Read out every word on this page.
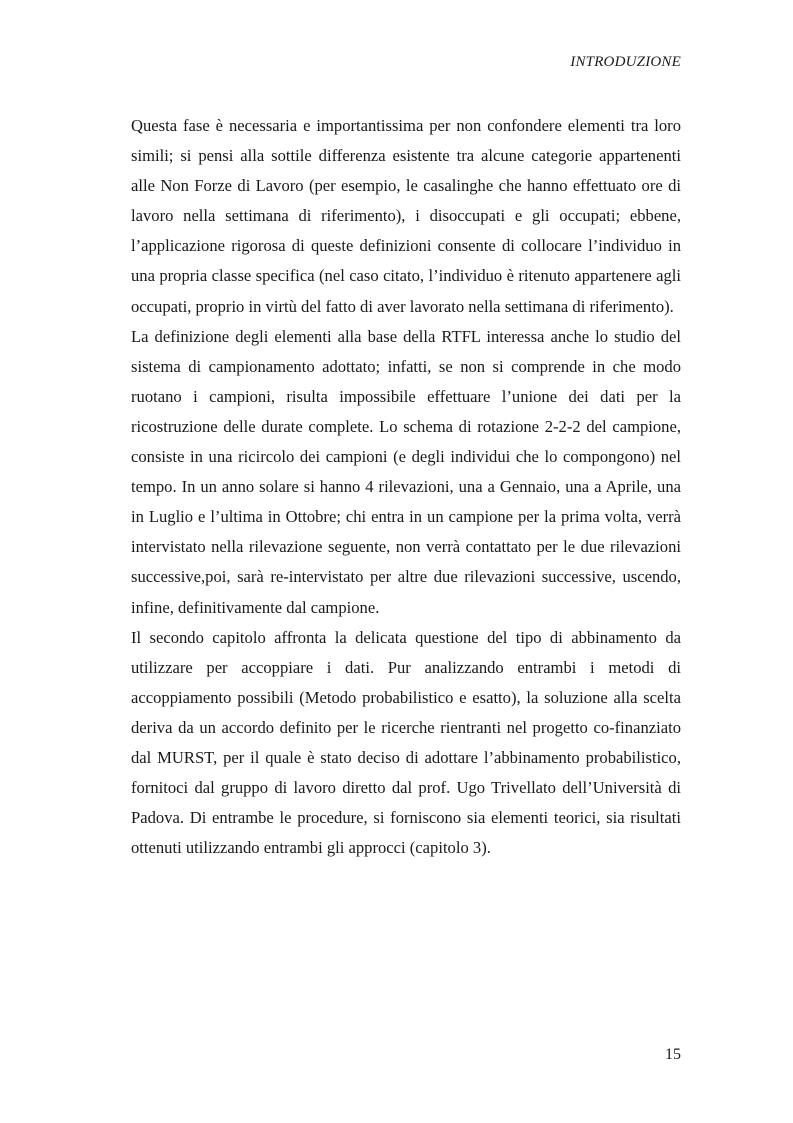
INTRODUZIONE

Questa fase è necessaria e importantissima per non confondere elementi tra loro simili; si pensi alla sottile differenza esistente tra alcune categorie appartenenti alle Non Forze di Lavoro (per esempio, le casalinghe che hanno effettuato ore di lavoro nella settimana di riferimento), i disoccupati e gli occupati; ebbene, l’applicazione rigorosa di queste definizioni consente di collocare l’individuo in una propria classe specifica (nel caso citato, l’individuo è ritenuto appartenere agli occupati, proprio in virtù del fatto di aver lavorato nella settimana di riferimento).

La definizione degli elementi alla base della RTFL interessa anche lo studio del sistema di campionamento adottato; infatti, se non si comprende in che modo ruotano i campioni, risulta impossibile effettuare l’unione dei dati per la ricostruzione delle durate complete. Lo schema di rotazione 2-2-2 del campione, consiste in una ricircolo dei campioni (e degli individui che lo compongono) nel tempo. In un anno solare si hanno 4 rilevazioni, una a Gennaio, una a Aprile, una in Luglio e l’ultima in Ottobre; chi entra in un campione per la prima volta, verrà intervistato nella rilevazione seguente, non verrà contattato per le due rilevazioni successive,poi, sarà re-intervistato per altre due rilevazioni successive, uscendo, infine, definitivamente dal campione.

Il secondo capitolo affronta la delicata questione del tipo di abbinamento da utilizzare per accoppiare i dati. Pur analizzando entrambi i metodi di accoppiamento possibili (Metodo probabilistico e esatto), la soluzione alla scelta deriva da un accordo definito per le ricerche rientranti nel progetto co-finanziato dal MURST, per il quale è stato deciso di adottare l’abbinamento probabilistico, fornitoci dal gruppo di lavoro diretto dal prof. Ugo Trivellato dell’Università di Padova. Di entrambe le procedure, si forniscono sia elementi teorici, sia risultati ottenuti utilizzando entrambi gli approcci (capitolo 3).

15
